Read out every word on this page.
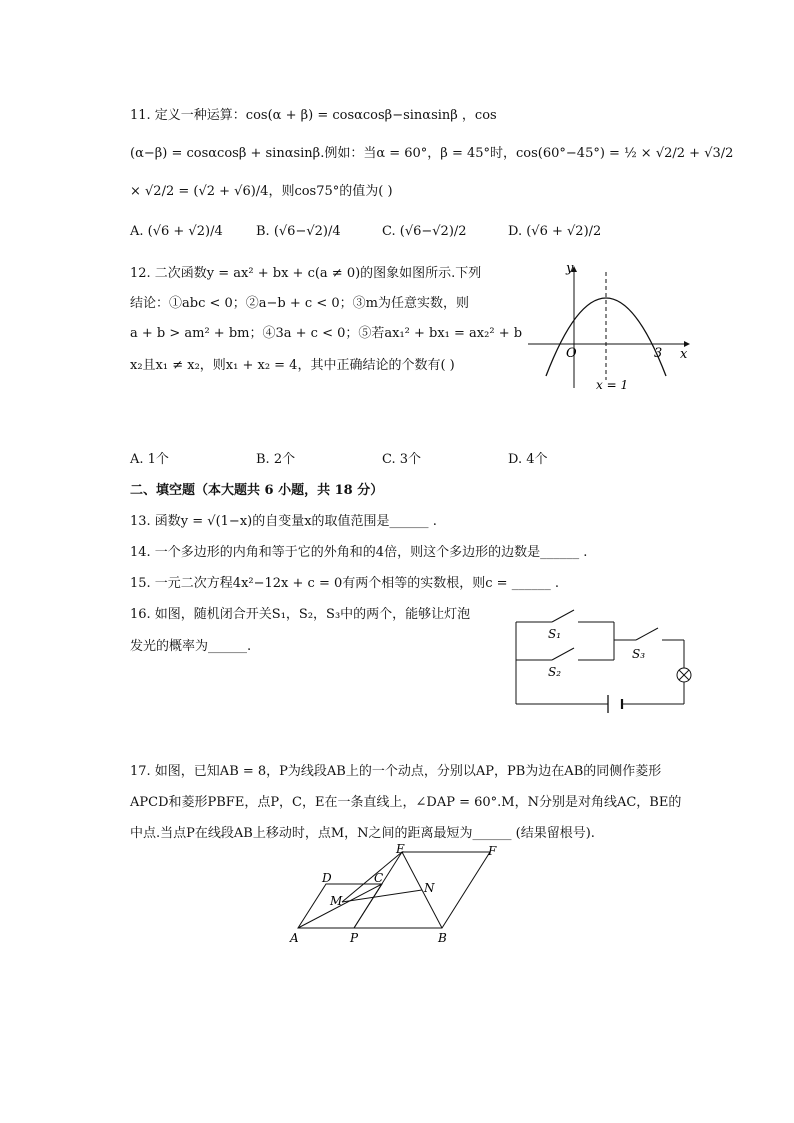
11. 定义一种运算：cos(α + β) = cosαcosβ−sinαsinβ ，cos
(α−β) = cosαcosβ + sinαsinβ.例如：当α = 60°，β = 45°时，cos(60°−45°) = ½ × √2/2 + √3/2
× √2/2 = (√2 + √6)/4，则cos75°的值为( )
A. (√6 + √2)/4	B. (√6−√2)/4	C. (√6−√2)/2	D. (√6 + √2)/2
12. 二次函数y = ax² + bx + c(a ≠ 0)的图象如图所示.下列
结论：①abc < 0；②a−b + c < 0；③m为任意实数，则
a + b > am² + bm；④3a + c < 0；⑤若ax₁² + bx₁ = ax₂² + b
x₂且x₁ ≠ x₂，则x₁ + x₂ = 4，其中正确结论的个数有( )
y
x
O	3
x = 1
A. 1个	B. 2个	C. 3个	D. 4个
二、填空题（本大题共 6 小题，共 18 分）
13. 函数y = √(1−x)的自变量x的取值范围是______ .
14. 一个多边形的内角和等于它的外角和的4倍，则这个多边形的边数是______ .
15. 一元二次方程4x²−12x + c = 0有两个相等的实数根，则c = ______ .
16. 如图，随机闭合开关S₁，S₂，S₃中的两个，能够让灯泡
发光的概率为______.
S₁
S₂
S₃
17. 如图，已知AB = 8，P为线段AB上的一个动点，分别以AP，PB为边在AB的同侧作菱形
APCD和菱形PBFE，点P，C，E在一条直线上，∠DAP = 60°.M，N分别是对角线AC，BE的
中点.当点P在线段AB上移动时，点M，N之间的距离最短为______ (结果留根号).
A	P	B
C
D
E	F
M
N
